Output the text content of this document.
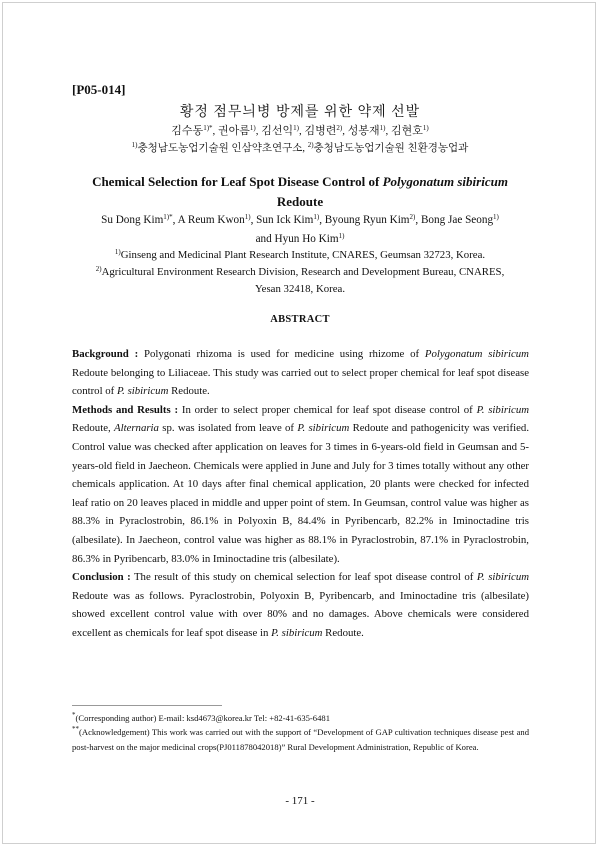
[P05-014]
황정 점무늬병 방제를 위한 약제 선발
김수동$^{1)*}$, 권아름$^{1)}$, 김선익$^{1)}$, 김병련$^{2)}$, 성봉재$^{1)}$, 김현호$^{1)}$
$^{1)}$충청남도농업기술원 인삼약초연구소, $^{2)}$충청남도농업기술원 친환경농업과
Chemical Selection for Leaf Spot Disease Control of Polygonatum sibiricum
Redoute
Su Dong Kim$^{1)*}$, A Reum Kwon$^{1)}$, Sun Ick Kim$^{1)}$, Byoung Ryun Kim$^{2)}$, Bong Jae Seong$^{1)}$
and Hyun Ho Kim$^{1)}$
$^{1)}$Ginseng and Medicinal Plant Research Institute, CNARES, Geumsan 32723, Korea.
$^{2)}$Agricultural Environment Research Division, Research and Development Bureau, CNARES,
Yesan 32418, Korea.
ABSTRACT

Background : Polygonati rhizoma is used for medicine using rhizome of Polygonatum sibiricum Redoute belonging to Liliaceae. This study was carried out to select proper chemical for leaf spot disease control of P. sibiricum Redoute.

Methods and Results : In order to select proper chemical for leaf spot disease control of P. sibiricum Redoute, Alternaria sp. was isolated from leave of P. sibiricum Redoute and pathogenicity was verified. Control value was checked after application on leaves for 3 times in 6-years-old field in Geumsan and 5-years-old field in Jaecheon. Chemicals were applied in June and July for 3 times totally without any other chemicals application. At 10 days after final chemical application, 20 plants were checked for infected leaf ratio on 20 leaves placed in middle and upper point of stem. In Geumsan, control value was higher as 88.3% in Pyraclostrobin, 86.1% in Polyoxin B, 84.4% in Pyribencarb, 82.2% in Iminoctadine tris (albesilate). In Jaecheon, control value was higher as 88.1% in Pyraclostrobin, 87.1% in Pyraclostrobin, 86.3% in Pyribencarb, 83.0% in Iminoctadine tris (albesilate).

Conclusion : The result of this study on chemical selection for leaf spot disease control of P. sibiricum Redoute was as follows. Pyraclostrobin, Polyoxin B, Pyribencarb, and Iminoctadine tris (albesilate) showed excellent control value with over 80% and no damages. Above chemicals were considered excellent as chemicals for leaf spot disease in P. sibiricum Redoute.

*(Corresponding author) E-mail: ksd4673@korea.kr Tel: +82-41-635-6481
**(Acknowledgement) This work was carried out with the support of “Development of GAP cultivation techniques disease pest and post-harvest on the major medicinal crops(PJ011878042018)” Rural Development Administration, Republic of Korea.
- 171 -
